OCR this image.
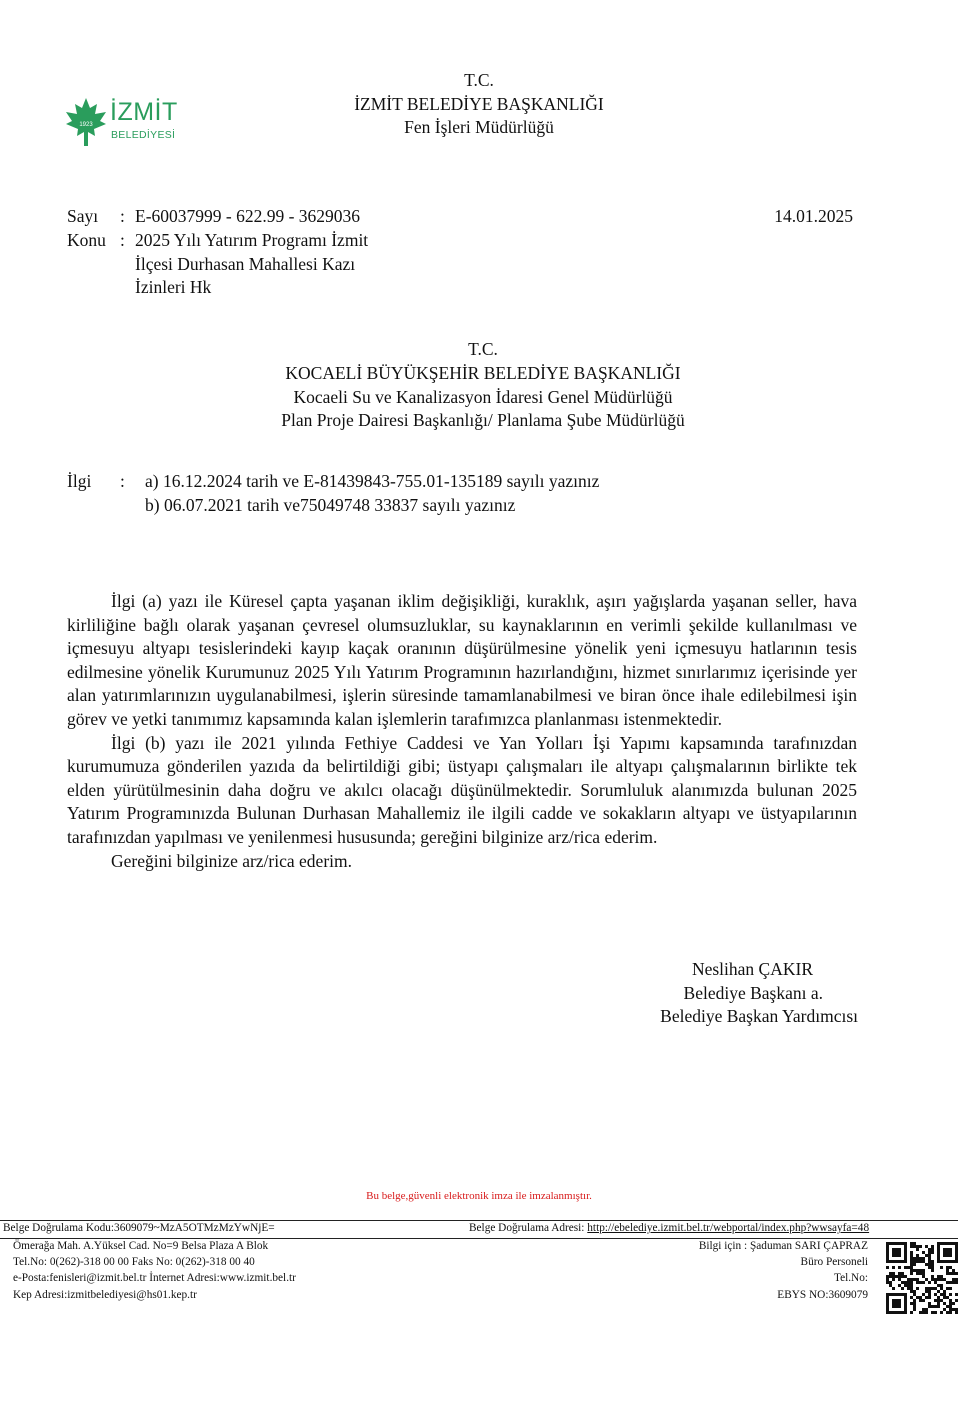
1923 İZMİT
BELEDİYESİ
T.C.
İZMİT BELEDİYE BAŞKANLIĞI
Fen İşleri Müdürlüğü
Sayı : E-60037999 - 622.99 - 3629036	14.01.2025
Konu : 2025 Yılı Yatırım Programı İzmit
İlçesi Durhasan Mahallesi Kazı
İzinleri Hk
T.C.
KOCAELİ BÜYÜKŞEHİR BELEDİYE BAŞKANLIĞI
Kocaeli Su ve Kanalizasyon İdaresi Genel Müdürlüğü
Plan Proje Dairesi Başkanlığı/ Planlama Şube Müdürlüğü
İlgi : a) 16.12.2024 tarih ve E-81439843-755.01-135189 sayılı yazınız
b) 06.07.2021 tarih ve75049748 33837 sayılı yazınız

İlgi (a) yazı ile Küresel çapta yaşanan iklim değişikliği, kuraklık, aşırı yağışlarda yaşanan seller, hava kirliliğine bağlı olarak yaşanan çevresel olumsuzluklar, su kaynaklarının en verimli şekilde kullanılması ve içmesuyu altyapı tesislerindeki kayıp kaçak oranının düşürülmesine yönelik yeni içmesuyu hatlarının tesis edilmesine yönelik Kurumunuz 2025 Yılı Yatırım Programının hazırlandığını, hizmet sınırlarımız içerisinde yer alan yatırımlarınızın uygulanabilmesi, işlerin süresinde tamamlanabilmesi ve biran önce ihale edilebilmesi işin görev ve yetki tanımımız kapsamında kalan işlemlerin tarafımızca planlanması istenmektedir.

İlgi (b) yazı ile 2021 yılında Fethiye Caddesi ve Yan Yolları İşi Yapımı kapsamında tarafınızdan kurumumuza gönderilen yazıda da belirtildiği gibi; üstyapı çalışmaları ile altyapı çalışmalarının birlikte tek elden yürütülmesinin daha doğru ve akılcı olacağı düşünülmektedir. Sorumluluk alanımızda bulunan 2025 Yatırım Programınızda Bulunan Durhasan Mahallemiz ile ilgili cadde ve sokakların altyapı ve üstyapılarının tarafınızdan yapılması ve yenilenmesi hususunda; gereğini bilginize arz/rica ederim.

Gereğini bilginize arz/rica ederim.

Neslihan ÇAKIR
Belediye Başkanı a.
Belediye Başkan Yardımcısı
Bu belge,güvenli elektronik imza ile imzalanmıştır.
Belge Doğrulama Kodu:3609079~MzA5OTMzMzYwNjE=	Belge Doğrulama Adresi: http://ebelediye.izmit.bel.tr/webportal/index.php?wwsayfa=48
Ömerağa Mah. A.Yüksel Cad. No=9 Belsa Plaza A Blok
Tel.No: 0(262)-318 00 00 Faks No: 0(262)-318 00 40
e-Posta:fenisleri@izmit.bel.tr İnternet Adresi:www.izmit.bel.tr
Kep Adresi:izmitbelediyesi@hs01.kep.tr
Bilgi için : Şaduman SARI ÇAPRAZ
Büro Personeli
Tel.No:
EBYS NO:3609079
